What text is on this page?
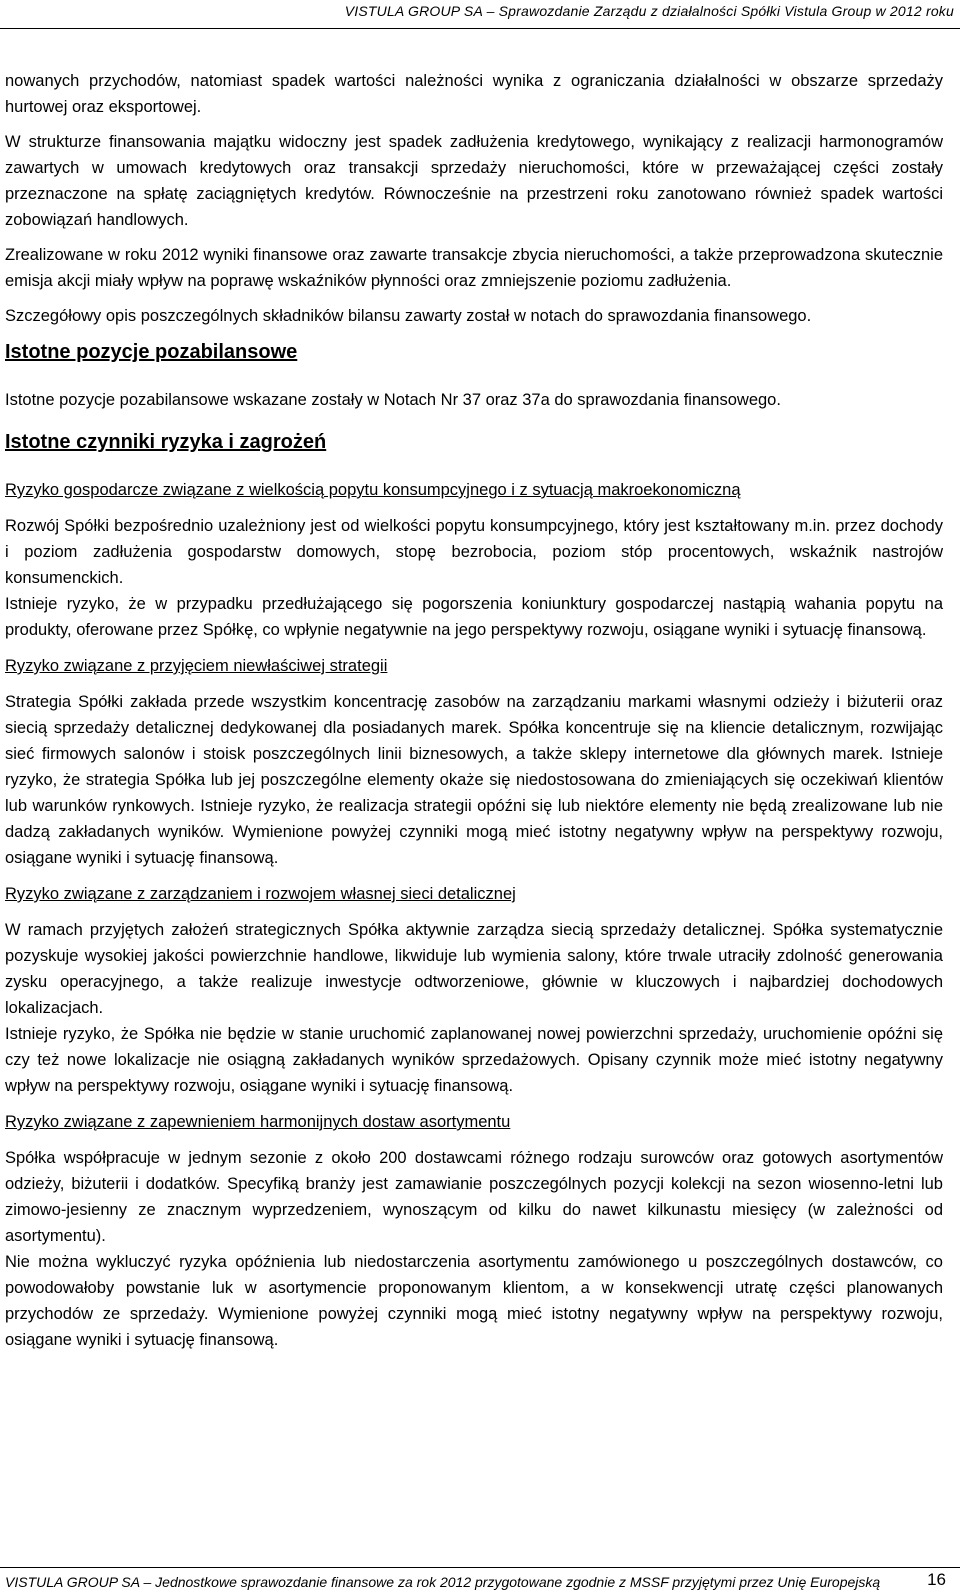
VISTULA GROUP SA – Sprawozdanie Zarządu z działalności Spółki Vistula Group w 2012 roku

nowanych przychodów, natomiast spadek wartości należności wynika z ograniczania działalności w obszarze sprzedaży hurtowej oraz eksportowej.

W strukturze finansowania majątku widoczny jest spadek zadłużenia kredytowego, wynikający z realizacji harmonogramów zawartych w umowach kredytowych oraz transakcji sprzedaży nieruchomości, które w przeważającej części zostały przeznaczone na spłatę zaciągniętych kredytów. Równocześnie na przestrzeni roku zanotowano również spadek wartości zobowiązań handlowych.

Zrealizowane w roku 2012 wyniki finansowe oraz zawarte transakcje zbycia nieruchomości, a także przeprowadzona skutecznie emisja akcji miały wpływ na poprawę wskaźników płynności oraz zmniejszenie poziomu zadłużenia.

Szczegółowy opis poszczególnych składników bilansu zawarty został w notach do sprawozdania finansowego.

Istotne pozycje pozabilansowe

Istotne pozycje pozabilansowe wskazane zostały w Notach Nr 37 oraz 37a do sprawozdania finansowego.

Istotne czynniki ryzyka i zagrożeń
Ryzyko gospodarcze związane z wielkością popytu konsumpcyjnego i z sytuacją makroekonomiczną

Rozwój Spółki bezpośrednio uzależniony jest od wielkości popytu konsumpcyjnego, który jest kształtowany m.in. przez dochody i poziom zadłużenia gospodarstw domowych, stopę bezrobocia, poziom stóp procentowych, wskaźnik nastrojów konsumenckich.

Istnieje ryzyko, że w przypadku przedłużającego się pogorszenia koniunktury gospodarczej nastąpią wahania popytu na produkty, oferowane przez Spółkę, co wpłynie negatywnie na jego perspektywy rozwoju, osiągane wyniki i sytuację finansową.

Ryzyko związane z przyjęciem niewłaściwej strategii

Strategia Spółki zakłada przede wszystkim koncentrację zasobów na zarządzaniu markami własnymi odzieży i biżuterii oraz siecią sprzedaży detalicznej dedykowanej dla posiadanych marek. Spółka koncentruje się na kliencie detalicznym, rozwijając sieć firmowych salonów i stoisk poszczególnych linii biznesowych, a także sklepy internetowe dla głównych marek. Istnieje ryzyko, że strategia Spółka lub jej poszczególne elementy okaże się niedostosowana do zmieniających się oczekiwań klientów lub warunków rynkowych. Istnieje ryzyko, że realizacja strategii opóźni się lub niektóre elementy nie będą zrealizowane lub nie dadzą zakładanych wyników. Wymienione powyżej czynniki mogą mieć istotny negatywny wpływ na perspektywy rozwoju, osiągane wyniki i sytuację finansową.

Ryzyko związane z zarządzaniem i rozwojem własnej sieci detalicznej

W ramach przyjętych założeń strategicznych Spółka aktywnie zarządza siecią sprzedaży detalicznej. Spółka systematycznie pozyskuje wysokiej jakości powierzchnie handlowe, likwiduje lub wymienia salony, które trwale utraciły zdolność generowania zysku operacyjnego, a także realizuje inwestycje odtworzeniowe, głównie w kluczowych i najbardziej dochodowych lokalizacjach.

Istnieje ryzyko, że Spółka nie będzie w stanie uruchomić zaplanowanej nowej powierzchni sprzedaży, uruchomienie opóźni się czy też nowe lokalizacje nie osiągną zakładanych wyników sprzedażowych. Opisany czynnik może mieć istotny negatywny wpływ na perspektywy rozwoju, osiągane wyniki i sytuację finansową.

Ryzyko związane z zapewnieniem harmonijnych dostaw asortymentu

Spółka współpracuje w jednym sezonie z około 200 dostawcami różnego rodzaju surowców oraz gotowych asortymentów odzieży, biżuterii i dodatków. Specyfiką branży jest zamawianie poszczególnych pozycji kolekcji na sezon wiosenno-letni lub zimowo-jesienny ze znacznym wyprzedzeniem, wynoszącym od kilku do nawet kilkunastu miesięcy (w zależności od asortymentu).

Nie można wykluczyć ryzyka opóźnienia lub niedostarczenia asortymentu zamówionego u poszczególnych dostawców, co powodowałoby powstanie luk w asortymencie proponowanym klientom, a w konsekwencji utratę części planowanych przychodów ze sprzedaży. Wymienione powyżej czynniki mogą mieć istotny negatywny wpływ na perspektywy rozwoju, osiągane wyniki i sytuację finansową.

VISTULA GROUP SA – Jednostkowe sprawozdanie finansowe za rok 2012 przygotowane zgodnie z MSSF przyjętymi przez Unię Europejską	16
